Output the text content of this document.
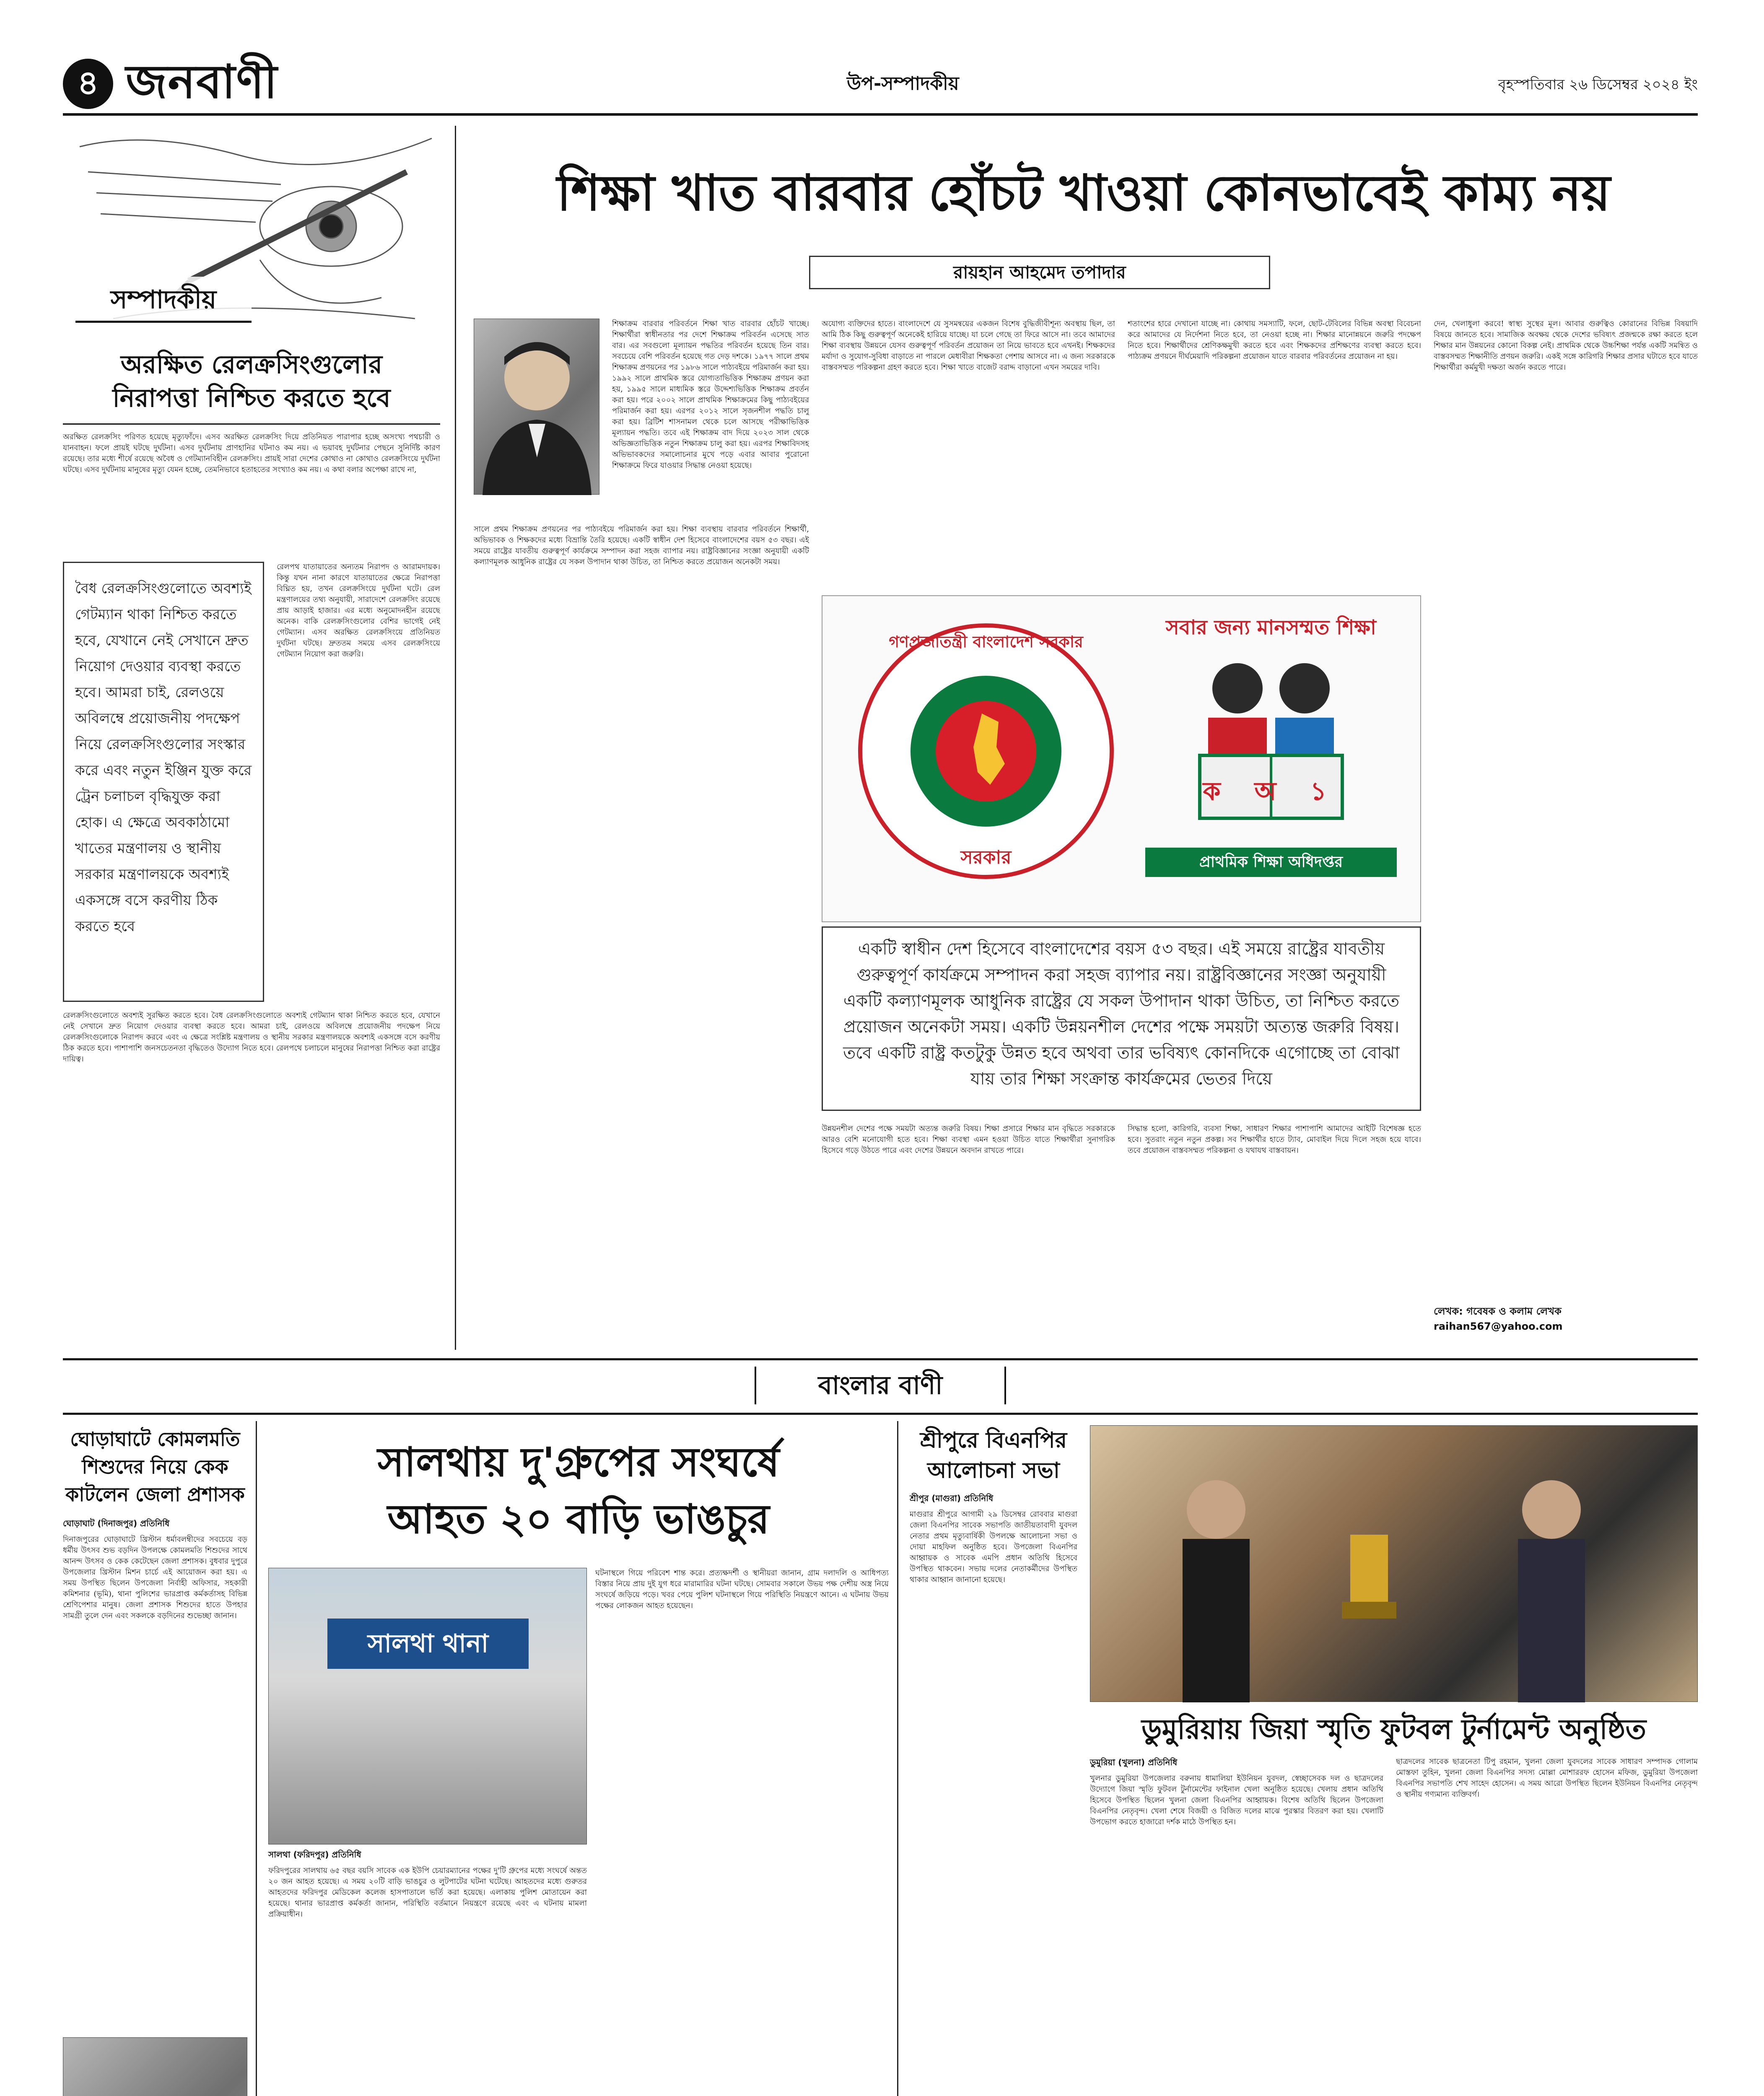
৪ জনবাণী	উপ-সম্পাদকীয়	বৃহস্পতিবার ২৬ ডিসেম্বর ২০২৪ ইং
সম্পাদকীয়
অরক্ষিত রেলক্রসিংগুলোর
নিরাপত্তা নিশ্চিত করতে হবে
অরক্ষিত রেলক্রসিং পরিণত হয়েছে মৃত্যুফাঁদে। এসব অরক্ষিত রেলক্রসিং দিয়ে প্রতিনিয়ত পারাপার হচ্ছে অসংখ্য পথচারী ও যানবাহন। ফলে প্রায়ই ঘটছে দুর্ঘটনা। এসব দুর্ঘটনায় প্রাণহানির ঘটনাও কম নয়। এ ভয়াবহ দুর্ঘটনার পেছনে সুনির্দিষ্ট কারণ রয়েছে। তার মধ্যে শীর্ষে রয়েছে অবৈধ ও গেটম্যানবিহীন রেলক্রসিং। প্রায়ই সারা দেশের কোথাও না কোথাও রেলক্রসিংয়ে দুর্ঘটনা ঘটছে। এসব দুর্ঘটনায় মানুষের মৃত্যু যেমন হচ্ছে, তেমনিভাবে হতাহতের সংখ্যাও কম নয়। এ কথা বলার অপেক্ষা রাখে না,
বৈধ রেলক্রসিংগুলোতে অবশ্যই গেটম্যান থাকা নিশ্চিত করতে হবে, যেখানে নেই সেখানে দ্রুত নিয়োগ দেওয়ার ব্যবস্থা করতে হবে। আমরা চাই, রেলওয়ে অবিলম্বে প্রয়োজনীয় পদক্ষেপ নিয়ে রেলক্রসিংগুলোর সংস্কার করে এবং নতুন ইঞ্জিন যুক্ত করে ট্রেন চলাচল বৃদ্ধিযুক্ত করা হোক। এ ক্ষেত্রে অবকাঠামো খাতের মন্ত্রণালয় ও স্থানীয় সরকার মন্ত্রণালয়কে অবশ্যই একসঙ্গে বসে করণীয় ঠিক করতে হবে
রেলপথ যাতায়াতের অন্যতম নিরাপদ ও আরামদায়ক। কিন্তু যখন নানা কারণে যাতায়াতের ক্ষেত্রে নিরাপত্তা বিঘ্নিত হয়, তখন রেলক্রসিংয়ে দুর্ঘটনা ঘটে। রেল মন্ত্রণালয়ের তথ্য অনুযায়ী, সারাদেশে রেলক্রসিং রয়েছে প্রায় আড়াই হাজার। এর মধ্যে অনুমোদনহীন রয়েছে অনেক। বাকি রেলক্রসিংগুলোর বেশির ভাগেই নেই গেটম্যান। এসব অরক্ষিত রেলক্রসিংয়ে প্রতিনিয়ত দুর্ঘটনা ঘটছে। দ্রুততম সময়ে এসব রেলক্রসিংয়ে গেটম্যান নিয়োগ করা জরুরি।
রেলক্রসিংগুলোতে অবশ্যই সুরক্ষিত করতে হবে। বৈধ রেলক্রসিংগুলোতে অবশ্যই গেটম্যান থাকা নিশ্চিত করতে হবে, যেখানে নেই সেখানে দ্রুত নিয়োগ দেওয়ার ব্যবস্থা করতে হবে। আমরা চাই, রেলওয়ে অবিলম্বে প্রয়োজনীয় পদক্ষেপ নিয়ে রেলক্রসিংগুলোকে নিরাপদ করবে এবং এ ক্ষেত্রে সংশ্লিষ্ট মন্ত্রণালয় ও স্থানীয় সরকার মন্ত্রণালয়কে অবশ্যই একসঙ্গে বসে করণীয় ঠিক করতে হবে। পাশাপাশি জনসচেতনতা বৃদ্ধিতেও উদ্যোগ নিতে হবে। রেলপথে চলাচলে মানুষের নিরাপত্তা নিশ্চিত করা রাষ্ট্রের দায়িত্ব।
শিক্ষা খাত বারবার হোঁচট খাওয়া কোনভাবেই কাম্য নয়
রায়হান আহমেদ তপাদার
শিক্ষাক্রম বারবার পরিবর্তনে শিক্ষা খাত বারবার হোঁচট খাচ্ছে। শিক্ষার্থীরা স্বাধীনতার পর দেশে শিক্ষাক্রম পরিবর্তন এসেছে সাত বার। এর সবগুলো মূল্যায়ন পদ্ধতির পরিবর্তন হয়েছে তিন বার। সবচেয়ে বেশি পরিবর্তন হয়েছে গত দেড় দশকে। ১৯৭৭ সালে প্রথম শিক্ষাক্রম প্রণয়নের পর ১৯৮৬ সালে পাঠ্যবইয়ে পরিমার্জন করা হয়। ১৯৯২ সালে প্রাথমিক স্তরে যোগ্যতাভিত্তিক শিক্ষাক্রম প্রণয়ন করা হয়, ১৯৯৫ সালে মাধ্যমিক স্তরে উদ্দেশ্যভিত্তিক শিক্ষাক্রম প্রবর্তন করা হয়। পরে ২০০২ সালে প্রাথমিক শিক্ষাক্রমের কিছু পাঠ্যবইয়ের পরিমার্জন করা হয়। এরপর ২০১২ সালে সৃজনশীল পদ্ধতি চালু করা হয়। ব্রিটিশ শাসনামল থেকে চলে আসছে পরীক্ষাভিত্তিক মূল্যায়ন পদ্ধতি। তবে এই শিক্ষাক্রম বাদ দিয়ে ২০২৩ সাল থেকে অভিজ্ঞতাভিত্তিক নতুন শিক্ষাক্রম চালু করা হয়। এরপর শিক্ষাবিদসহ অভিভাবকদের সমালোচনার মুখে পড়ে এবার আবার পুরোনো শিক্ষাক্রমে ফিরে যাওয়ার সিদ্ধান্ত নেওয়া হয়েছে।
সালে প্রথম শিক্ষাক্রম প্রণয়নের পর পাঠ্যবইয়ে পরিমার্জন করা হয়। শিক্ষা ব্যবস্থায় বারবার পরিবর্তনে শিক্ষার্থী, অভিভাবক ও শিক্ষকদের মধ্যে বিভ্রান্তি তৈরি হয়েছে। একটি স্বাধীন দেশ হিসেবে বাংলাদেশের বয়স ৫৩ বছর। এই সময়ে রাষ্ট্রের যাবতীয় গুরুত্বপূর্ণ কার্যক্রমে সম্পাদন করা সহজ ব্যাপার নয়। রাষ্ট্রবিজ্ঞানের সংজ্ঞা অনুযায়ী একটি কল্যাণমূলক আধুনিক রাষ্ট্রের যে সকল উপাদান থাকা উচিত, তা নিশ্চিত করতে প্রয়োজন অনেকটা সময়।
অযোগ্য ব্যক্তিদের হাতে। বাংলাদেশে যে সুসমন্বয়ের একজন বিশেষ বুদ্ধিজীবীশূন্য অবস্থায় ছিল, তা আমি ঠিক কিছু গুরুত্বপূর্ণ অনেকেই হারিয়ে যাচ্ছে। যা চলে গেছে তা ফিরে আসে না। তবে আমাদের শিক্ষা ব্যবস্থায় উন্নয়নে যেসব গুরুত্বপূর্ণ পরিবর্তন প্রয়োজন তা নিয়ে ভাবতে হবে এখনই। শিক্ষকদের মর্যাদা ও সুযোগ-সুবিধা বাড়াতে না পারলে মেধাবীরা শিক্ষকতা পেশায় আসবে না। এ জন্য সরকারকে বাস্তবসম্মত পরিকল্পনা গ্রহণ করতে হবে। শিক্ষা খাতে বাজেট বরাদ্দ বাড়ানো এখন সময়ের দাবি।
শতাংশের হারে দেখানো যাচ্ছে না। কোথায় সমস্যাটি, ফলে, ছোট-টেবিলের বিভিন্ন অবস্থা বিবেচনা করে আমাদের যে নির্দেশনা নিতে হবে, তা নেওয়া হচ্ছে না। শিক্ষার মানোন্নয়নে জরুরি পদক্ষেপ নিতে হবে। শিক্ষার্থীদের শ্রেণিকক্ষমুখী করতে হবে এবং শিক্ষকদের প্রশিক্ষণের ব্যবস্থা করতে হবে। পাঠ্যক্রম প্রণয়নে দীর্ঘমেয়াদি পরিকল্পনা প্রয়োজন যাতে বারবার পরিবর্তনের প্রয়োজন না হয়।
দেন, খেলাধুলা করবে! স্বাস্থ্য সুস্থের মূল। আবার গুরুত্বিও কোরানের বিভিন্ন বিষয়াদি বিষয়ে জানতে হবে। সামাজিক অবক্ষয় থেকে দেশের ভবিষ্যৎ প্রজন্মকে রক্ষা করতে হলে শিক্ষার মান উন্নয়নের কোনো বিকল্প নেই। প্রাথমিক থেকে উচ্চশিক্ষা পর্যন্ত একটি সমন্বিত ও বাস্তবসম্মত শিক্ষানীতি প্রণয়ন জরুরি। একই সঙ্গে কারিগরি শিক্ষার প্রসার ঘটাতে হবে যাতে শিক্ষার্থীরা কর্মমুখী দক্ষতা অর্জন করতে পারে।
গণপ্রজাতন্ত্রী বাংলাদেশ সরকার
সরকার
সবার জন্য মানসম্মত শিক্ষা
ক অ ১
প্রাথমিক শিক্ষা অধিদপ্তর
একটি স্বাধীন দেশ হিসেবে বাংলাদেশের বয়স ৫৩ বছর। এই সময়ে রাষ্ট্রের যাবতীয় গুরুত্বপূর্ণ কার্যক্রমে সম্পাদন করা সহজ ব্যাপার নয়। রাষ্ট্রবিজ্ঞানের সংজ্ঞা অনুযায়ী একটি কল্যাণমূলক আধুনিক রাষ্ট্রের যে সকল উপাদান থাকা উচিত, তা নিশ্চিত করতে প্রয়োজন অনেকটা সময়। একটি উন্নয়নশীল দেশের পক্ষে সময়টা অত্যন্ত জরুরি বিষয়। তবে একটি রাষ্ট্র কতটুকু উন্নত হবে অথবা তার ভবিষ্যৎ কোনদিকে এগোচ্ছে তা বোঝা যায় তার শিক্ষা সংক্রান্ত কার্যক্রমের ভেতর দিয়ে
উন্নয়নশীল দেশের পক্ষে সময়টা অত্যন্ত জরুরি বিষয়। শিক্ষা প্রসারে শিক্ষার মান বৃদ্ধিতে সরকারকে আরও বেশি মনোযোগী হতে হবে। শিক্ষা ব্যবস্থা এমন হওয়া উচিত যাতে শিক্ষার্থীরা সুনাগরিক হিসেবে গড়ে উঠতে পারে এবং দেশের উন্নয়নে অবদান রাখতে পারে।
সিদ্ধান্ত হলো, কারিগরি, ব্যবসা শিক্ষা, সাধারণ শিক্ষার পাশাপাশি আমাদের আইটি বিশেষজ্ঞ হতে হবে। সুতরাং নতুন নতুন প্রকল্প। সব শিক্ষার্থীর হাতে ট্যাব, মোবাইল দিয়ে দিলে সহজ হয়ে যাবে। তবে প্রয়োজন বাস্তবসম্মত পরিকল্পনা ও যথাযথ বাস্তবায়ন।
লেখক: গবেষক ও কলাম লেখক
raihan567@yahoo.com
বাংলার বাণী
ঘোড়াঘাটে কোমলমতি শিশুদের নিয়ে কেক কাটলেন জেলা প্রশাসক
ঘোড়াঘাট (দিনাজপুর) প্রতিনিধি
দিনাজপুরের ঘোড়াঘাটে খ্রিস্টান ধর্মাবলম্বীদের সবচেয়ে বড় ধর্মীয় উৎসব শুভ বড়দিন উপলক্ষে কোমলমতি শিশুদের সাথে আনন্দ উৎসব ও কেক কেটেছেন জেলা প্রশাসক। বুধবার দুপুরে উপজেলার খ্রিস্টান মিশন চার্চে এই আয়োজন করা হয়। এ সময় উপস্থিত ছিলেন উপজেলা নির্বাহী অফিসার, সহকারী কমিশনার (ভূমি), থানা পুলিশের ভারপ্রাপ্ত কর্মকর্তাসহ বিভিন্ন শ্রেণিপেশার মানুষ। জেলা প্রশাসক শিশুদের হাতে উপহার সামগ্রী তুলে দেন এবং সকলকে বড়দিনের শুভেচ্ছা জানান।
সালথায় দু'গ্রুপের সংঘর্ষে
আহত ২০ বাড়ি ভাঙচুর
সালথা থানা
সালথা (ফরিদপুর) প্রতিনিধি
ফরিদপুরের সালথায় ৬৫ বছর বয়সি সাবেক এক ইউপি চেয়ারম্যানের পক্ষের দু'টি গ্রুপের মধ্যে সংঘর্ষে অন্তত ২০ জন আহত হয়েছে। এ সময় ২০টি বাড়ি ভাঙচুর ও লুটপাটের ঘটনা ঘটেছে। আহতদের মধ্যে গুরুতর আহতদের ফরিদপুর মেডিকেল কলেজ হাসপাতালে ভর্তি করা হয়েছে। এলাকায় পুলিশ মোতায়েন করা হয়েছে। থানার ভারপ্রাপ্ত কর্মকর্তা জানান, পরিস্থিতি বর্তমানে নিয়ন্ত্রণে রয়েছে এবং এ ঘটনায় মামলা প্রক্রিয়াধীন।
ঘটনাস্থলে গিয়ে পরিবেশ শান্ত করে। প্রত্যক্ষদর্শী ও স্থানীয়রা জানান, গ্রাম দলাদলি ও আধিপত্য বিস্তার নিয়ে প্রায় দুই যুগ ধরে মারামারির ঘটনা ঘটছে। সোমবার সকালে উভয় পক্ষ দেশীয় অস্ত্র নিয়ে সংঘর্ষে জড়িয়ে পড়ে। খবর পেয়ে পুলিশ ঘটনাস্থলে গিয়ে পরিস্থিতি নিয়ন্ত্রণে আনে। এ ঘটনায় উভয় পক্ষের লোকজন আহত হয়েছেন।
শ্রীপুরে বিএনপির আলোচনা সভা
শ্রীপুর (মাগুরা) প্রতিনিধি
মাগুরার শ্রীপুরে আগামী ২৯ ডিসেম্বর রোববার মাগুরা জেলা বিএনপির সাবেক সভাপতি জাতীয়তাবাদী যুবদল নেতার প্রথম মৃত্যুবার্ষিকী উপলক্ষে আলোচনা সভা ও দোয়া মাহফিল অনুষ্ঠিত হবে। উপজেলা বিএনপির আহ্বায়ক ও সাবেক এমপি প্রধান অতিথি হিসেবে উপস্থিত থাকবেন। সভায় দলের নেতাকর্মীদের উপস্থিত থাকার আহ্বান জানানো হয়েছে।
ডুমুরিয়ায় জিয়া স্মৃতি ফুটবল টুর্নামেন্ট অনুষ্ঠিত
ডুমুরিয়া (খুলনা) প্রতিনিধি
খুলনার ডুমুরিয়া উপজেলার বরুনায় ধামালিয়া ইউনিয়ন যুবদল, স্বেচ্ছাসেবক দল ও ছাত্রদলের উদ্যোগে জিয়া স্মৃতি ফুটবল টুর্নামেন্টের ফাইনাল খেলা অনুষ্ঠিত হয়েছে। খেলায় প্রধান অতিথি হিসেবে উপস্থিত ছিলেন খুলনা জেলা বিএনপির আহ্বায়ক। বিশেষ অতিথি ছিলেন উপজেলা বিএনপির নেতৃবৃন্দ। খেলা শেষে বিজয়ী ও বিজিত দলের মাঝে পুরস্কার বিতরণ করা হয়। খেলাটি উপভোগ করতে হাজারো দর্শক মাঠে উপস্থিত হন।
ছাত্রদলের সাবেক ছাত্রনেতা টিপু রহমান, খুলনা জেলা যুবদলের সাবেক সাধারণ সম্পাদক গোলাম মোস্তফা তুহিন, খুলনা জেলা বিএনপির সদস্য মোল্লা মোশাররফ হোসেন মফিজ, ডুমুরিয়া উপজেলা বিএনপির সভাপতি শেখ সাহেদ হোসেন। এ সময় আরো উপস্থিত ছিলেন ইউনিয়ন বিএনপির নেতৃবৃন্দ ও স্থানীয় গণ্যমান্য ব্যক্তিবর্গ।
